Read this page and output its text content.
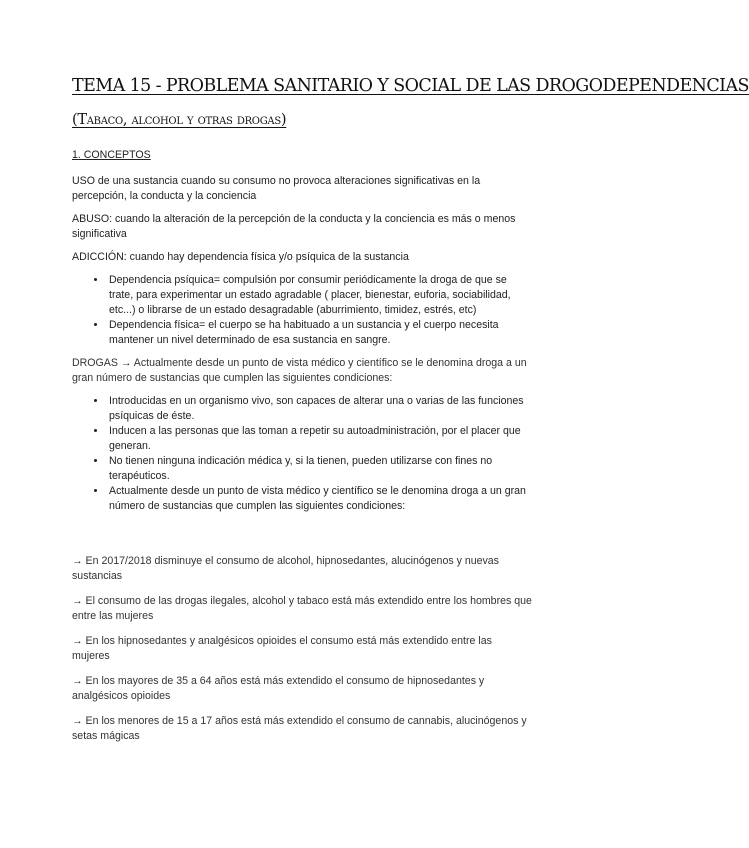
TEMA 15 - PROBLEMA SANITARIO Y SOCIAL DE LAS DROGODEPENDENCIAS
(Tabaco, alcohol y otras drogas)
1. CONCEPTOS

USO de una sustancia cuando su consumo no provoca alteraciones significativas en la percepción, la conducta y la conciencia

ABUSO: cuando la alteración de la percepción de la conducta y la conciencia es más o menos significativa

ADICCIÓN: cuando hay dependencia física y/o psíquica de la sustancia

• Dependencia psíquica= compulsión por consumir periódicamente la droga de que se trate, para experimentar un estado agradable ( placer, bienestar, euforia, sociabilidad, etc...) o librarse de un estado desagradable (aburrimiento, timidez, estrés, etc)
• Dependencia física= el cuerpo se ha habituado a un sustancia y el cuerpo necesita mantener un nivel determinado de esa sustancia en sangre.

DROGAS → Actualmente desde un punto de vista médico y científico se le denomina droga a un gran número de sustancias que cumplen las siguientes condiciones:

• Introducidas en un organismo vivo, son capaces de alterar una o varias de las funciones psíquicas de éste.
• Inducen a las personas que las toman a repetir su autoadministración, por el placer que generan.
• No tienen ninguna indicación médica y, si la tienen, pueden utilizarse con fines no terapéuticos.
• Actualmente desde un punto de vista médico y científico se le denomina droga a un gran número de sustancias que cumplen las siguientes condiciones:

→ En 2017/2018 disminuye el consumo de alcohol, hipnosedantes, alucinógenos y nuevas sustancias

→ El consumo de las drogas ilegales, alcohol y tabaco está más extendido entre los hombres que entre las mujeres

→ En los hipnosedantes y analgésicos opioides el consumo está más extendido entre las mujeres

→ En los mayores de 35 a 64 años está más extendido el consumo de hipnosedantes y analgésicos opioides

→ En los menores de 15 a 17 años está más extendido el consumo de cannabis, alucinógenos y setas mágicas
